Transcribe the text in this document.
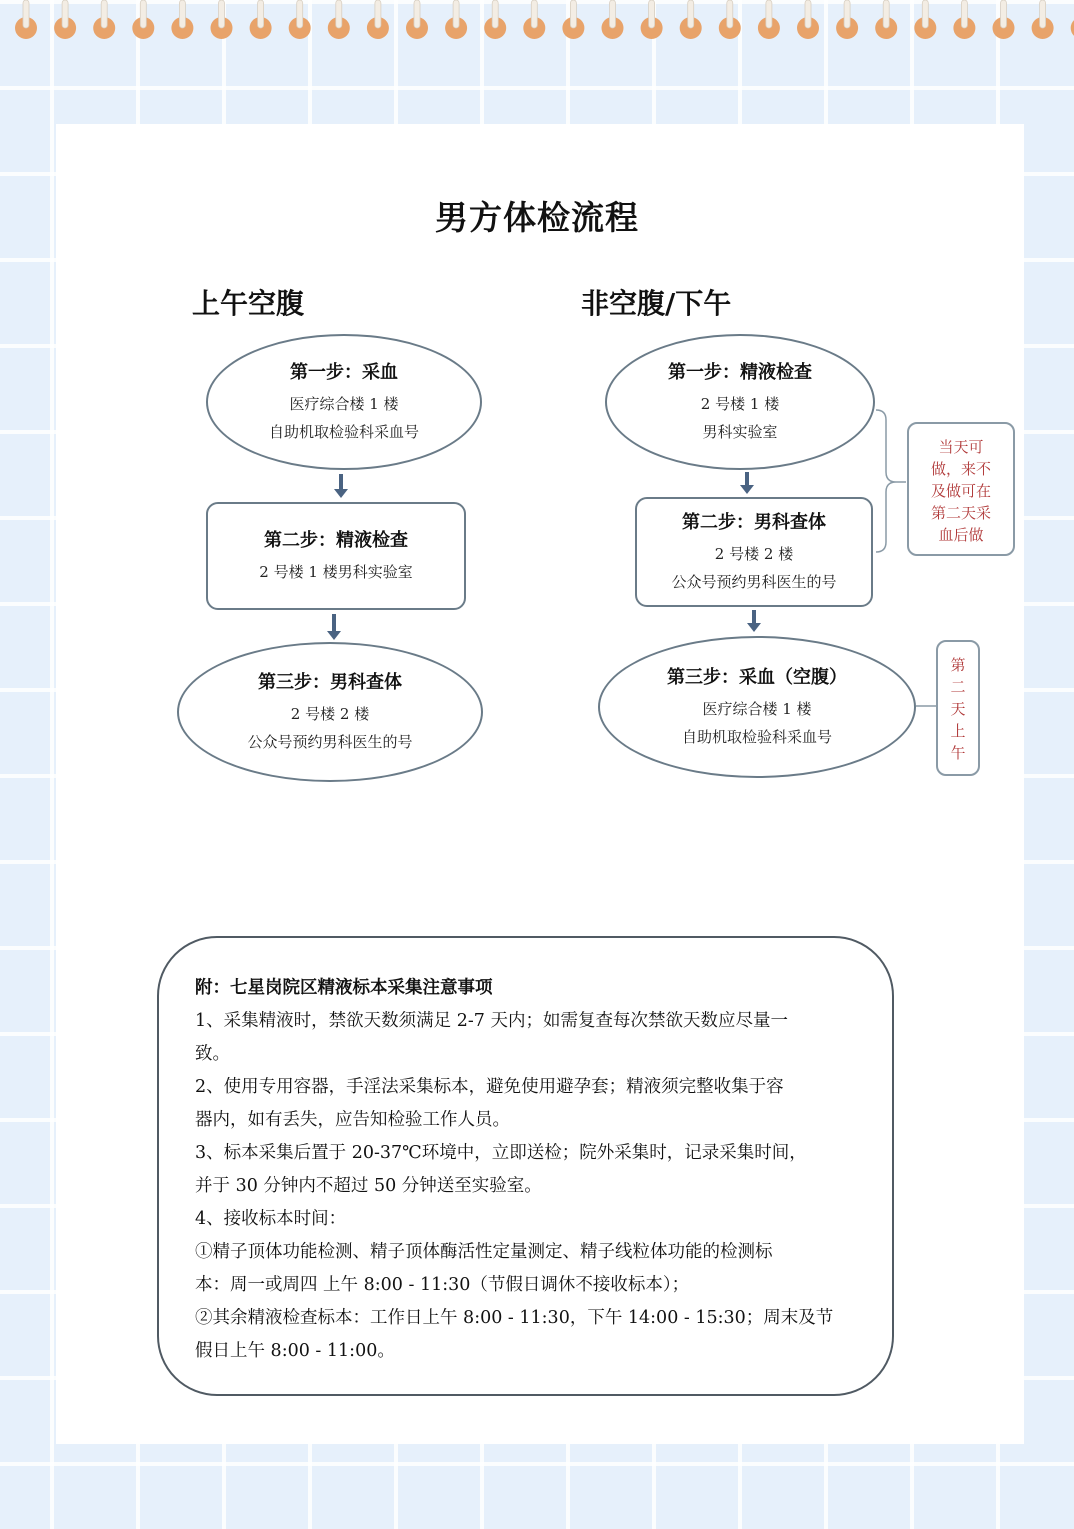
男方体检流程
上午空腹
第一步：采血
医疗综合楼 1 楼
自助机取检验科采血号
第二步：精液检查
2 号楼 1 楼男科实验室
第三步：男科查体
2 号楼 2 楼
公众号预约男科医生的号
非空腹/下午
第一步：精液检查
2 号楼 1 楼
男科实验室
第二步：男科查体
2 号楼 2 楼
公众号预约男科医生的号
第三步：采血（空腹）
医疗综合楼 1 楼
自助机取检验科采血号
当天可
做，来不
及做可在
第二天采
血后做
第
二
天
上
午

附：七星岗院区精液标本采集注意事项

1、采集精液时，禁欲天数须满足 2-7 天内；如需复查每次禁欲天数应尽量一

致。

2、使用专用容器，手淫法采集标本，避免使用避孕套；精液须完整收集于容

器内，如有丢失，应告知检验工作人员。

3、标本采集后置于 20-37℃环境中，立即送检；院外采集时，记录采集时间，

并于 30 分钟内不超过 50 分钟送至实验室。

4、接收标本时间：

①精子顶体功能检测、精子顶体酶活性定量测定、精子线粒体功能的检测标

本：周一或周四 上午 8:00 - 11:30（节假日调休不接收标本）；

②其余精液检查标本：工作日上午 8:00 - 11:30，下午 14:00 - 15:30；周末及节

假日上午 8:00 - 11:00。
